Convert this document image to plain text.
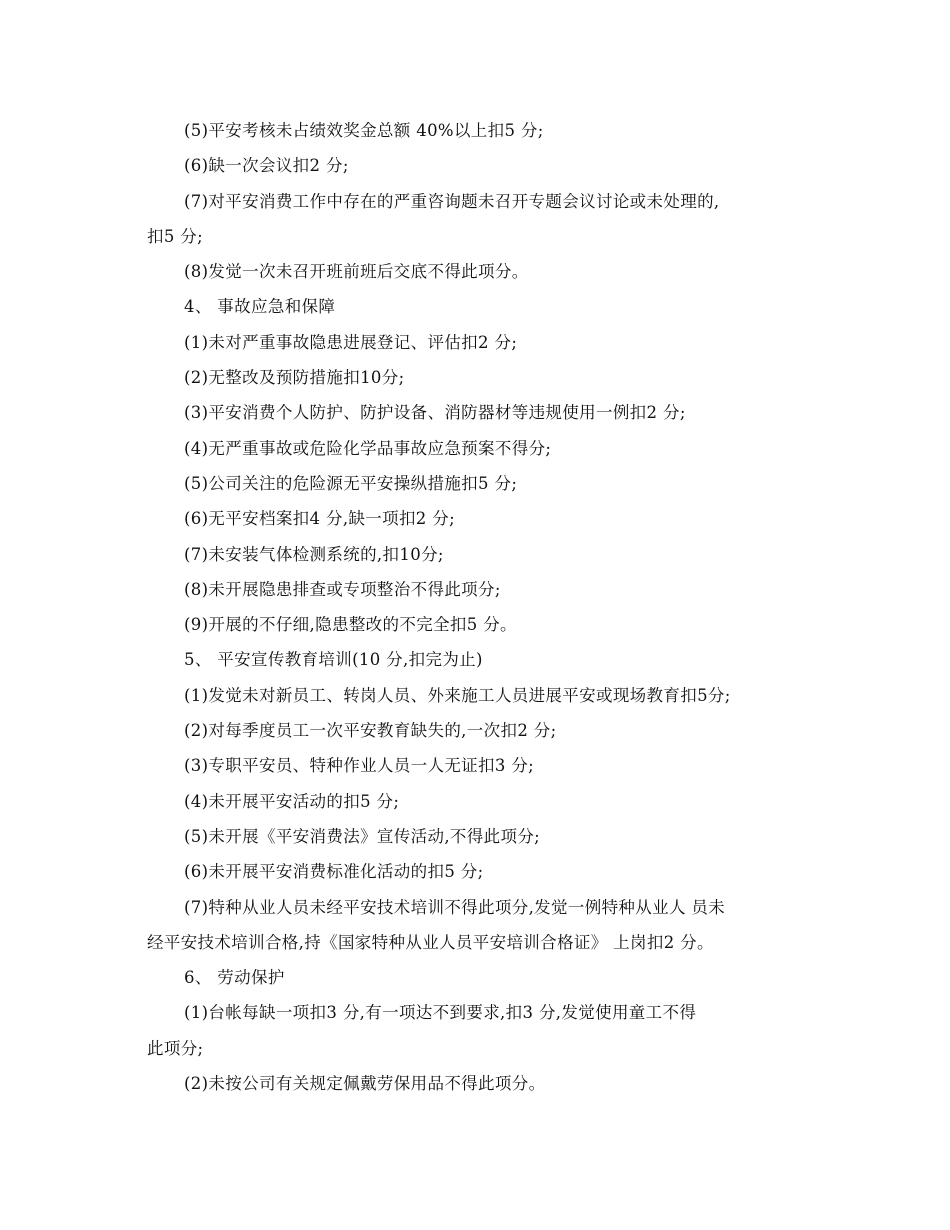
(5)平安考核未占绩效奖金总额 40%以上扣5 分;
(6)缺一次会议扣2 分;
(7)对平安消费工作中存在的严重咨询题未召开专题会议讨论或未处理的,
扣5 分;
(8)发觉一次未召开班前班后交底不得此项分。
4、 事故应急和保障
(1)未对严重事故隐患进展登记、评估扣2 分;
(2)无整改及预防措施扣10分;
(3)平安消费个人防护、防护设备、消防器材等违规使用一例扣2 分;
(4)无严重事故或危险化学品事故应急预案不得分;
(5)公司关注的危险源无平安操纵措施扣5 分;
(6)无平安档案扣4 分,缺一项扣2 分;
(7)未安装气体检测系统的,扣10分;
(8)未开展隐患排查或专项整治不得此项分;
(9)开展的不仔细,隐患整改的不完全扣5 分。
5、 平安宣传教育培训(10 分,扣完为止)
(1)发觉未对新员工、转岗人员、外来施工人员进展平安或现场教育扣5分;
(2)对每季度员工一次平安教育缺失的,一次扣2 分;
(3)专职平安员、特种作业人员一人无证扣3 分;
(4)未开展平安活动的扣5 分;
(5)未开展《平安消费法》宣传活动,不得此项分;
(6)未开展平安消费标准化活动的扣5 分;
(7)特种从业人员未经平安技术培训不得此项分,发觉一例特种从业人 员未
经平安技术培训合格,持《国家特种从业人员平安培训合格证》 上岗扣2 分。
6、 劳动保护
(1)台帐每缺一项扣3 分,有一项达不到要求,扣3 分,发觉使用童工不得
此项分;
(2)未按公司有关规定佩戴劳保用品不得此项分。
